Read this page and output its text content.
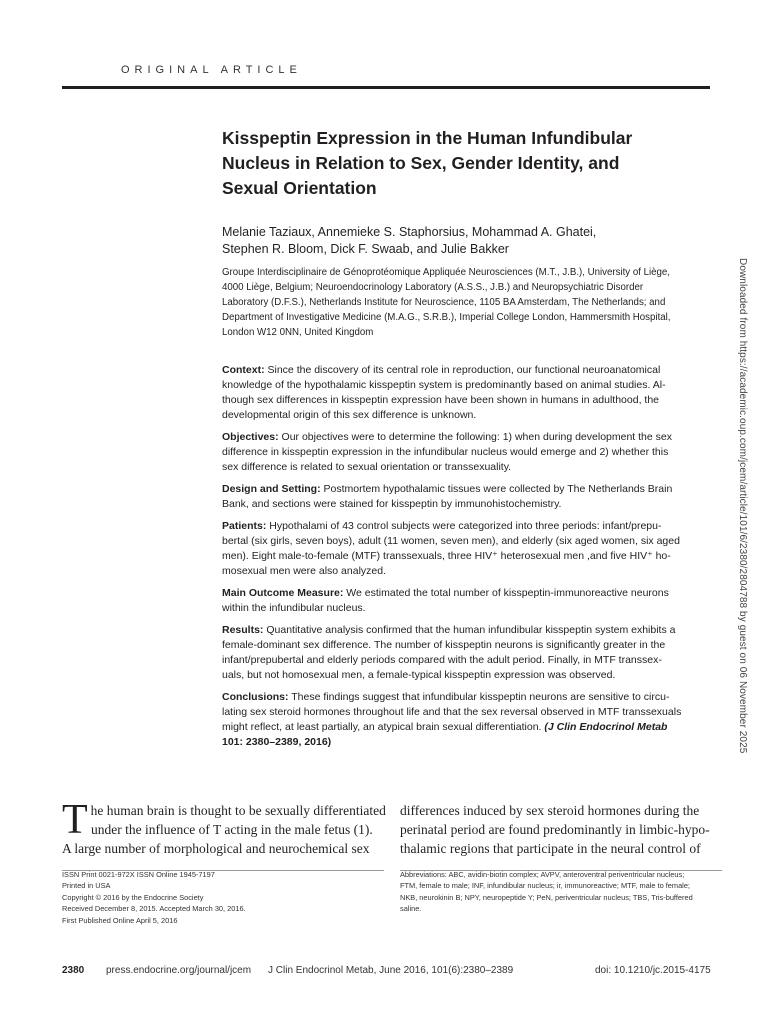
ORIGINAL ARTICLE
Kisspeptin Expression in the Human Infundibular
Nucleus in Relation to Sex, Gender Identity, and
Sexual Orientation
Melanie Taziaux, Annemieke S. Staphorsius, Mohammad A. Ghatei,
Stephen R. Bloom, Dick F. Swaab, and Julie Bakker
Groupe Interdisciplinaire de Génoprotéomique Appliquée Neurosciences (M.T., J.B.), University of Liège,
4000 Liège, Belgium; Neuroendocrinology Laboratory (A.S.S., J.B.) and Neuropsychiatric Disorder
Laboratory (D.F.S.), Netherlands Institute for Neuroscience, 1105 BA Amsterdam, The Netherlands; and
Department of Investigative Medicine (M.A.G., S.R.B.), Imperial College London, Hammersmith Hospital,
London W12 0NN, United Kingdom
Context: Since the discovery of its central role in reproduction, our functional neuroanatomical
knowledge of the hypothalamic kisspeptin system is predominantly based on animal studies. Al-
though sex differences in kisspeptin expression have been shown in humans in adulthood, the
developmental origin of this sex difference is unknown.
Objectives: Our objectives were to determine the following: 1) when during development the sex
difference in kisspeptin expression in the infundibular nucleus would emerge and 2) whether this
sex difference is related to sexual orientation or transsexuality.
Design and Setting: Postmortem hypothalamic tissues were collected by The Netherlands Brain
Bank, and sections were stained for kisspeptin by immunohistochemistry.
Patients: Hypothalami of 43 control subjects were categorized into three periods: infant/prepu-
bertal (six girls, seven boys), adult (11 women, seven men), and elderly (six aged women, six aged
men). Eight male-to-female (MTF) transsexuals, three HIV⁺ heterosexual men ,and five HIV⁺ ho-
mosexual men were also analyzed.
Main Outcome Measure: We estimated the total number of kisspeptin-immunoreactive neurons
within the infundibular nucleus.
Results: Quantitative analysis confirmed that the human infundibular kisspeptin system exhibits a
female-dominant sex difference. The number of kisspeptin neurons is significantly greater in the
infant/prepubertal and elderly periods compared with the adult period. Finally, in MTF transsex-
uals, but not homosexual men, a female-typical kisspeptin expression was observed.
Conclusions: These findings suggest that infundibular kisspeptin neurons are sensitive to circu-
lating sex steroid hormones throughout life and that the sex reversal observed in MTF transsexuals
might reflect, at least partially, an atypical brain sexual differentiation. (J Clin Endocrinol Metab
101: 2380–2389, 2016)
T he human brain is thought to be sexually differentiated
under the influence of T acting in the male fetus (1).
A large number of morphological and neurochemical sex
differences induced by sex steroid hormones during the
perinatal period are found predominantly in limbic-hypo-
thalamic regions that participate in the neural control of
ISSN Print 0021-972X ISSN Online 1945-7197
Printed in USA
Copyright © 2016 by the Endocrine Society
Received December 8, 2015. Accepted March 30, 2016.
First Published Online April 5, 2016
Abbreviations: ABC, avidin-biotin complex; AVPV, anteroventral periventricular nucleus;
FTM, female to male; INF, infundibular nucleus; ir, immunoreactive; MTF, male to female;
NKB, neurokinin B; NPY, neuropeptide Y; PeN, periventricular nucleus; TBS, Tris-buffered
saline.
2380 press.endocrine.org/journal/jcem J Clin Endocrinol Metab, June 2016, 101(6):2380–2389	doi: 10.1210/jc.2015-4175
Downloaded from https://academic.oup.com/jcem/article/101/6/2380/2804788 by guest on 06 November 2025
